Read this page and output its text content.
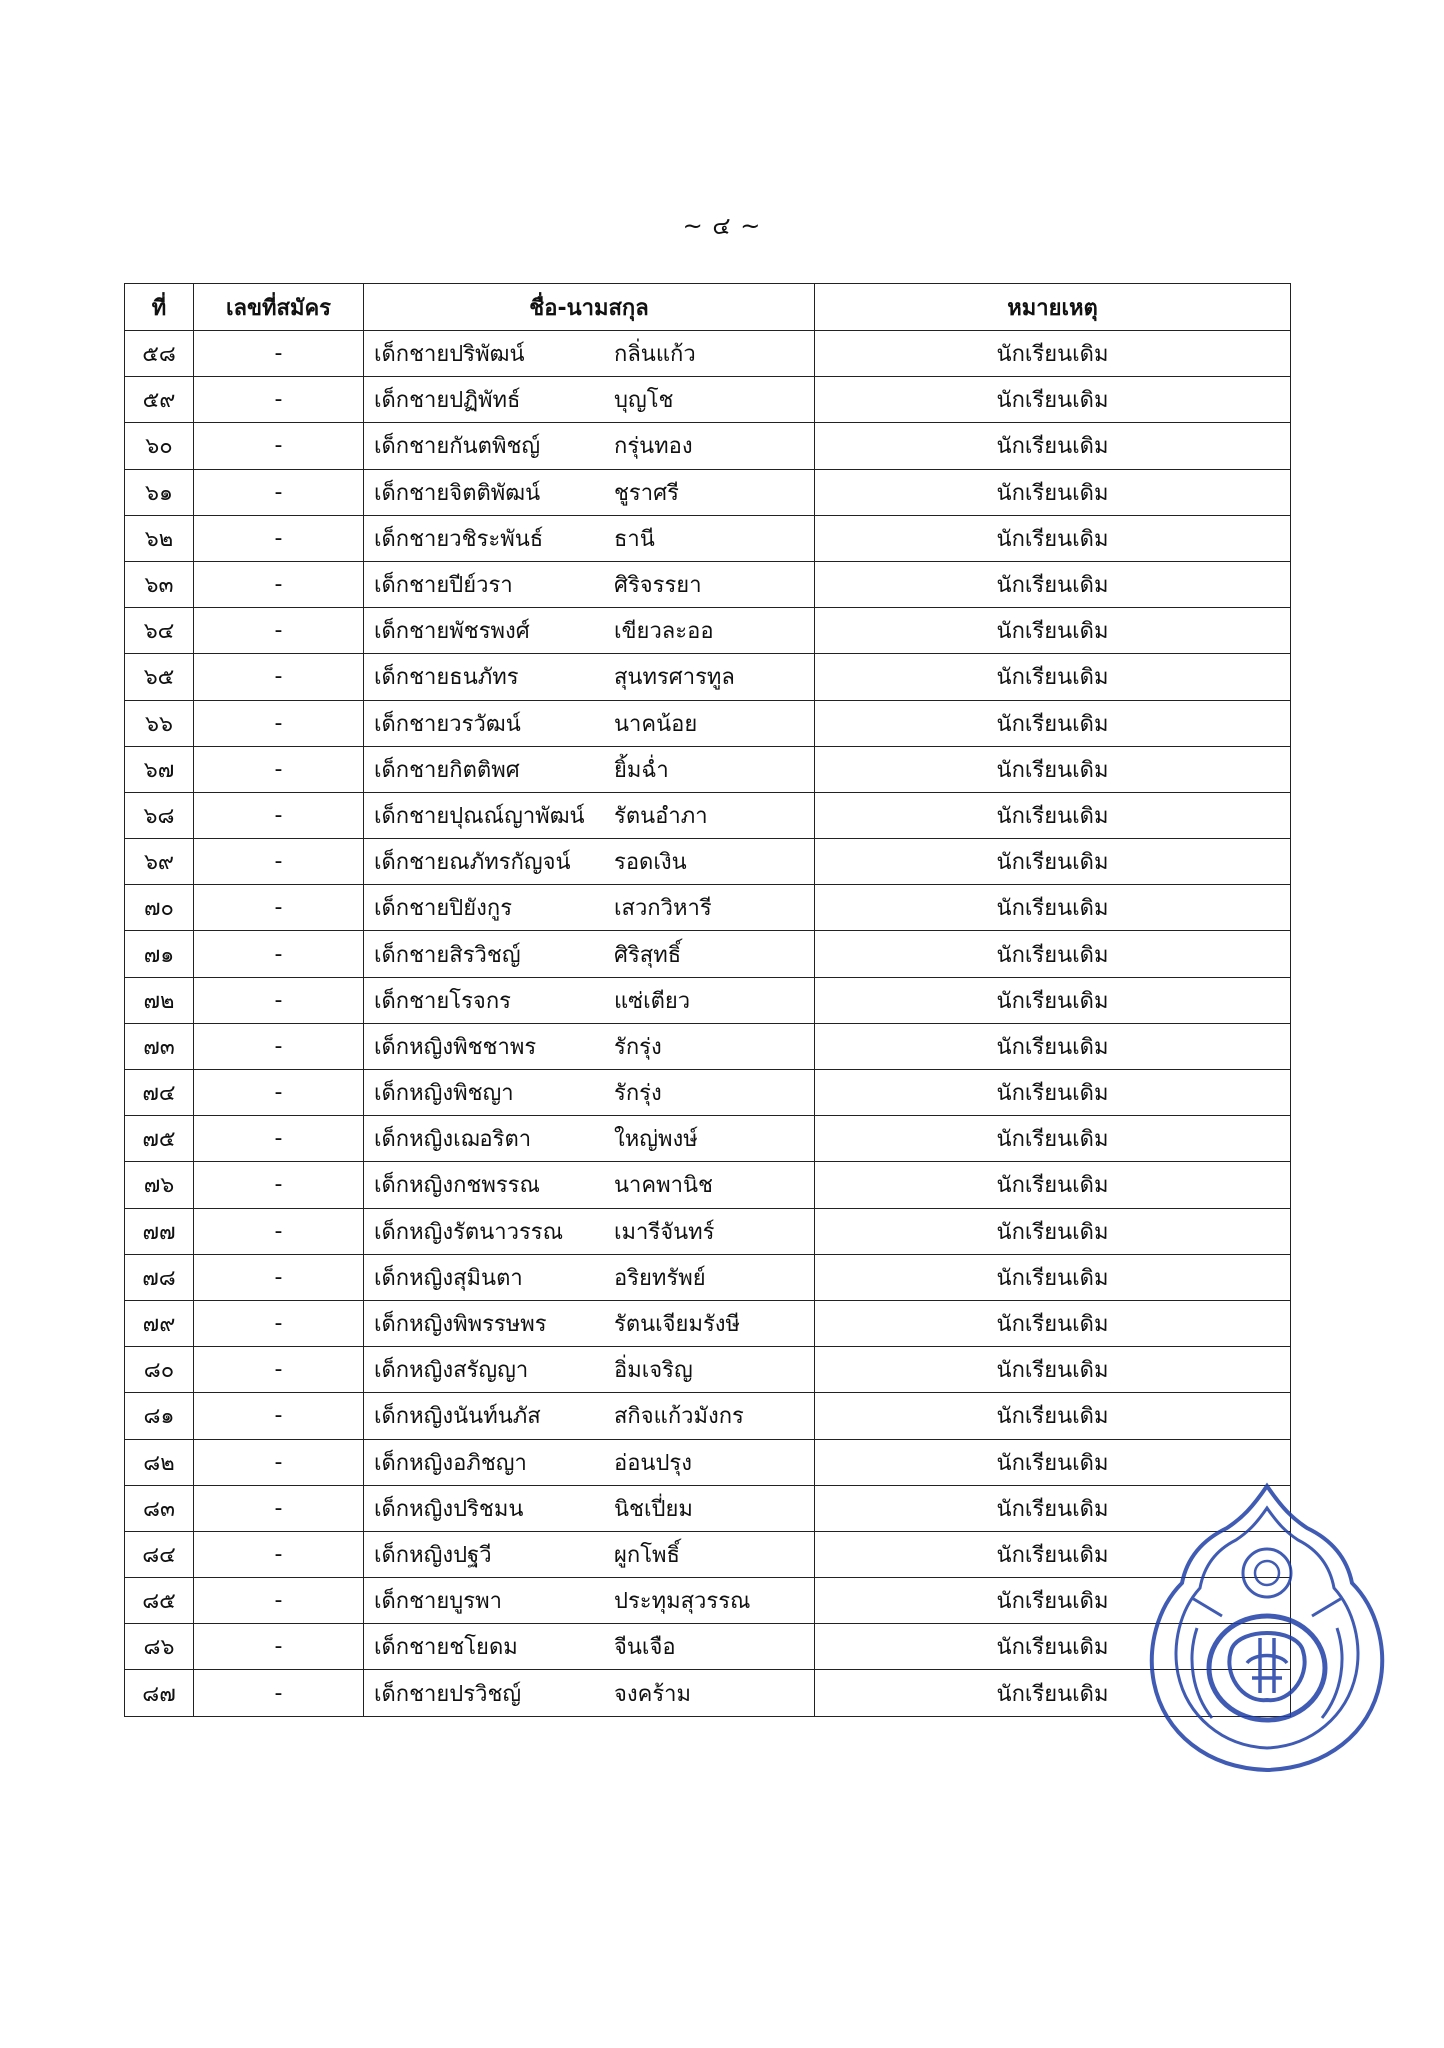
~ ๔ ~
ที่	เลขที่สมัคร	ชื่อ-นามสกุล	หมายเหตุ
๕๘	-	เด็กชายปริพัฒน์ กลิ่นแก้ว	นักเรียนเดิม
๕๙	-	เด็กชายปฏิพัทธ์ บุญโช	นักเรียนเดิม
๖๐	-	เด็กชายกันตพิชญ์ กรุ่นทอง	นักเรียนเดิม
๖๑	-	เด็กชายจิตติพัฒน์ ชูราศรี	นักเรียนเดิม
๖๒	-	เด็กชายวชิระพันธ์ ธานี	นักเรียนเดิม
๖๓	-	เด็กชายปีย์วรา ศิริจรรยา	นักเรียนเดิม
๖๔	-	เด็กชายพัชรพงศ์ เขียวละออ	นักเรียนเดิม
๖๕	-	เด็กชายธนภัทร สุนทรศารทูล	นักเรียนเดิม
๖๖	-	เด็กชายวรวัฒน์ นาคน้อย	นักเรียนเดิม
๖๗	-	เด็กชายกิตติพศ ยิ้มฉ่ำ	นักเรียนเดิม
๖๘	-	เด็กชายปุณณ์ญาพัฒน์ รัตนอำภา	นักเรียนเดิม
๖๙	-	เด็กชายณภัทรกัญจน์ รอดเงิน	นักเรียนเดิม
๗๐	-	เด็กชายปิยังกูร เสวกวิหารี	นักเรียนเดิม
๗๑	-	เด็กชายสิรวิชญ์ ศิริสุทธิ์	นักเรียนเดิม
๗๒	-	เด็กชายโรจกร แซ่เตียว	นักเรียนเดิม
๗๓	-	เด็กหญิงพิชชาพร รักรุ่ง	นักเรียนเดิม
๗๔	-	เด็กหญิงพิชญา รักรุ่ง	นักเรียนเดิม
๗๕	-	เด็กหญิงเฌอริตา ใหญ่พงษ์	นักเรียนเดิม
๗๖	-	เด็กหญิงกชพรรณ นาคพานิช	นักเรียนเดิม
๗๗	-	เด็กหญิงรัตนาวรรณ เมารีจันทร์	นักเรียนเดิม
๗๘	-	เด็กหญิงสุมินตา อริยทรัพย์	นักเรียนเดิม
๗๙	-	เด็กหญิงพิพรรษพร รัตนเจียมรังษี	นักเรียนเดิม
๘๐	-	เด็กหญิงสรัญญา อิ่มเจริญ	นักเรียนเดิม
๘๑	-	เด็กหญิงนันท์นภัส สกิจแก้วมังกร	นักเรียนเดิม
๘๒	-	เด็กหญิงอภิชญา อ่อนปรุง	นักเรียนเดิม
๘๓	-	เด็กหญิงปริชมน นิชเปี่ยม	นักเรียนเดิม
๘๔	-	เด็กหญิงปฐวี ผูกโพธิ์	นักเรียนเดิม
๘๕	-	เด็กชายบูรพา ประทุมสุวรรณ	นักเรียนเดิม
๘๖	-	เด็กชายชโยดม จีนเจือ	นักเรียนเดิม
๘๗	-	เด็กชายปรวิชญ์ จงคร้าม	นักเรียนเดิม
